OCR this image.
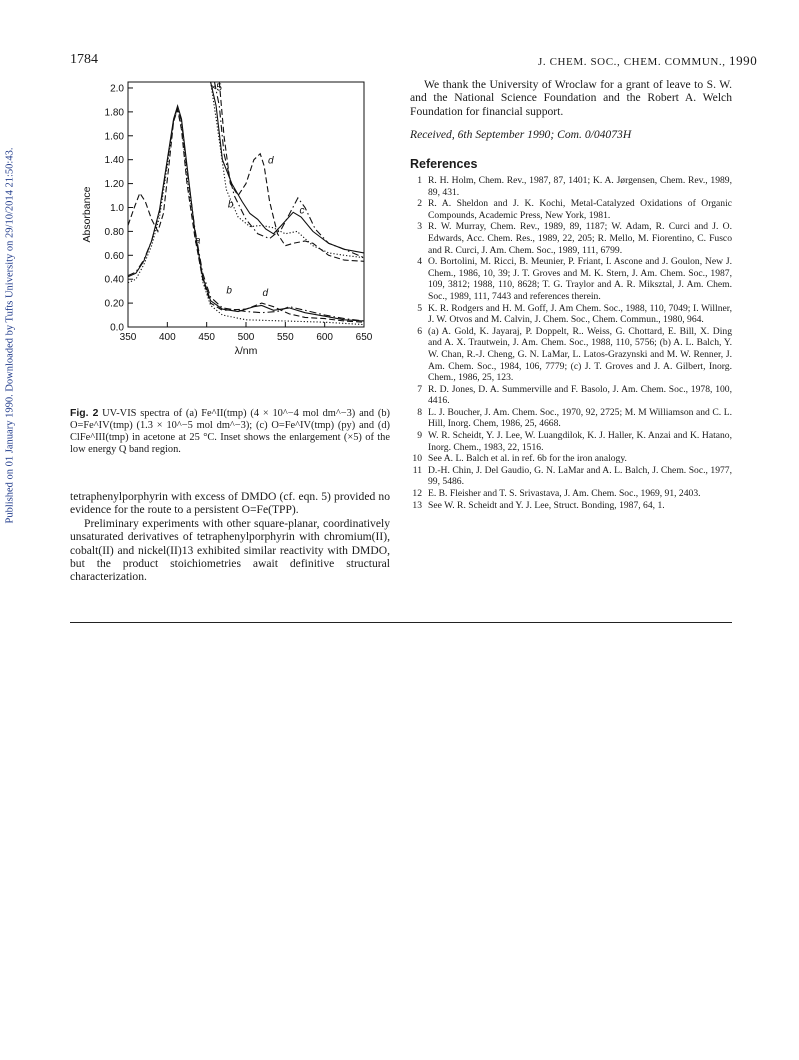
Published on 01 January 1990. Downloaded by Tufts University on 29/10/2014 21:50:43.
1784	J. CHEM. SOC., CHEM. COMMUN., 1990
350 400 450 500 550 600 650
0.0
0.20
0.40
0.60
0.80
1.0
1.20
1.40
1.60
1.80
2.0
λ/nm
Absorbance
×5
a
b
c
d
b	d
Fig. 2 UV-VIS spectra of (a) Fe^II(tmp) (4 × 10^−4 mol dm^−3) and (b) O=Fe^IV(tmp) (1.3 × 10^−5 mol dm^−3); (c) O=Fe^IV(tmp) (py) and (d) ClFe^III(tmp) in acetone at 25 °C. Inset shows the enlargement (×5) of the low energy Q band region.

tetraphenylporphyrin with excess of DMDO (cf. eqn. 5) provided no evidence for the route to a persistent O=Fe(TPP).

Preliminary experiments with other square-planar, coordinatively unsaturated derivatives of tetraphenylporphyrin with chromium(II), cobalt(II) and nickel(II)13 exhibited similar reactivity with DMDO, but the product stoichiometries await definitive structural characterization.

We thank the University of Wroclaw for a grant of leave to S. W. and the National Science Foundation and the Robert A. Welch Foundation for financial support.
Received, 6th September 1990; Com. 0/04073H
References

1 R. H. Holm, Chem. Rev., 1987, 87, 1401; K. A. Jørgensen, Chem. Rev., 1989, 89, 431.

2 R. A. Sheldon and J. K. Kochi, Metal-Catalyzed Oxidations of Organic Compounds, Academic Press, New York, 1981.

3 R. W. Murray, Chem. Rev., 1989, 89, 1187; W. Adam, R. Curci and J. O. Edwards, Acc. Chem. Res., 1989, 22, 205; R. Mello, M. Fiorentino, C. Fusco and R. Curci, J. Am. Chem. Soc., 1989, 111, 6799.

4 O. Bortolini, M. Ricci, B. Meunier, P. Friant, I. Ascone and J. Goulon, New J. Chem., 1986, 10, 39; J. T. Groves and M. K. Stern, J. Am. Chem. Soc., 1987, 109, 3812; 1988, 110, 8628; T. G. Traylor and A. R. Miksztal, J. Am. Chem. Soc., 1989, 111, 7443 and references therein.

5 K. R. Rodgers and H. M. Goff, J. Am Chem. Soc., 1988, 110, 7049; I. Willner, J. W. Otvos and M. Calvin, J. Chem. Soc., Chem. Commun., 1980, 964.

6 (a) A. Gold, K. Jayaraj, P. Doppelt, R.. Weiss, G. Chottard, E. Bill, X. Ding and A. X. Trautwein, J. Am. Chem. Soc., 1988, 110, 5756; (b) A. L. Balch, Y. W. Chan, R.-J. Cheng, G. N. LaMar, L. Latos-Grazynski and M. W. Renner, J. Am. Chem. Soc., 1984, 106, 7779; (c) J. T. Groves and J. A. Gilbert, Inorg. Chem., 1986, 25, 123.

7 R. D. Jones, D. A. Summerville and F. Basolo, J. Am. Chem. Soc., 1978, 100, 4416.

8 L. J. Boucher, J. Am. Chem. Soc., 1970, 92, 2725; M. M Williamson and C. L. Hill, Inorg. Chem, 1986, 25, 4668.

9 W. R. Scheidt, Y. J. Lee, W. Luangdilok, K. J. Haller, K. Anzai and K. Hatano, Inorg. Chem., 1983, 22, 1516.

10 See A. L. Balch et al. in ref. 6b for the iron analogy.

11 D.-H. Chin, J. Del Gaudio, G. N. LaMar and A. L. Balch, J. Chem. Soc., 1977, 99, 5486.

12 E. B. Fleisher and T. S. Srivastava, J. Am. Chem. Soc., 1969, 91, 2403.

13 See W. R. Scheidt and Y. J. Lee, Struct. Bonding, 1987, 64, 1.
